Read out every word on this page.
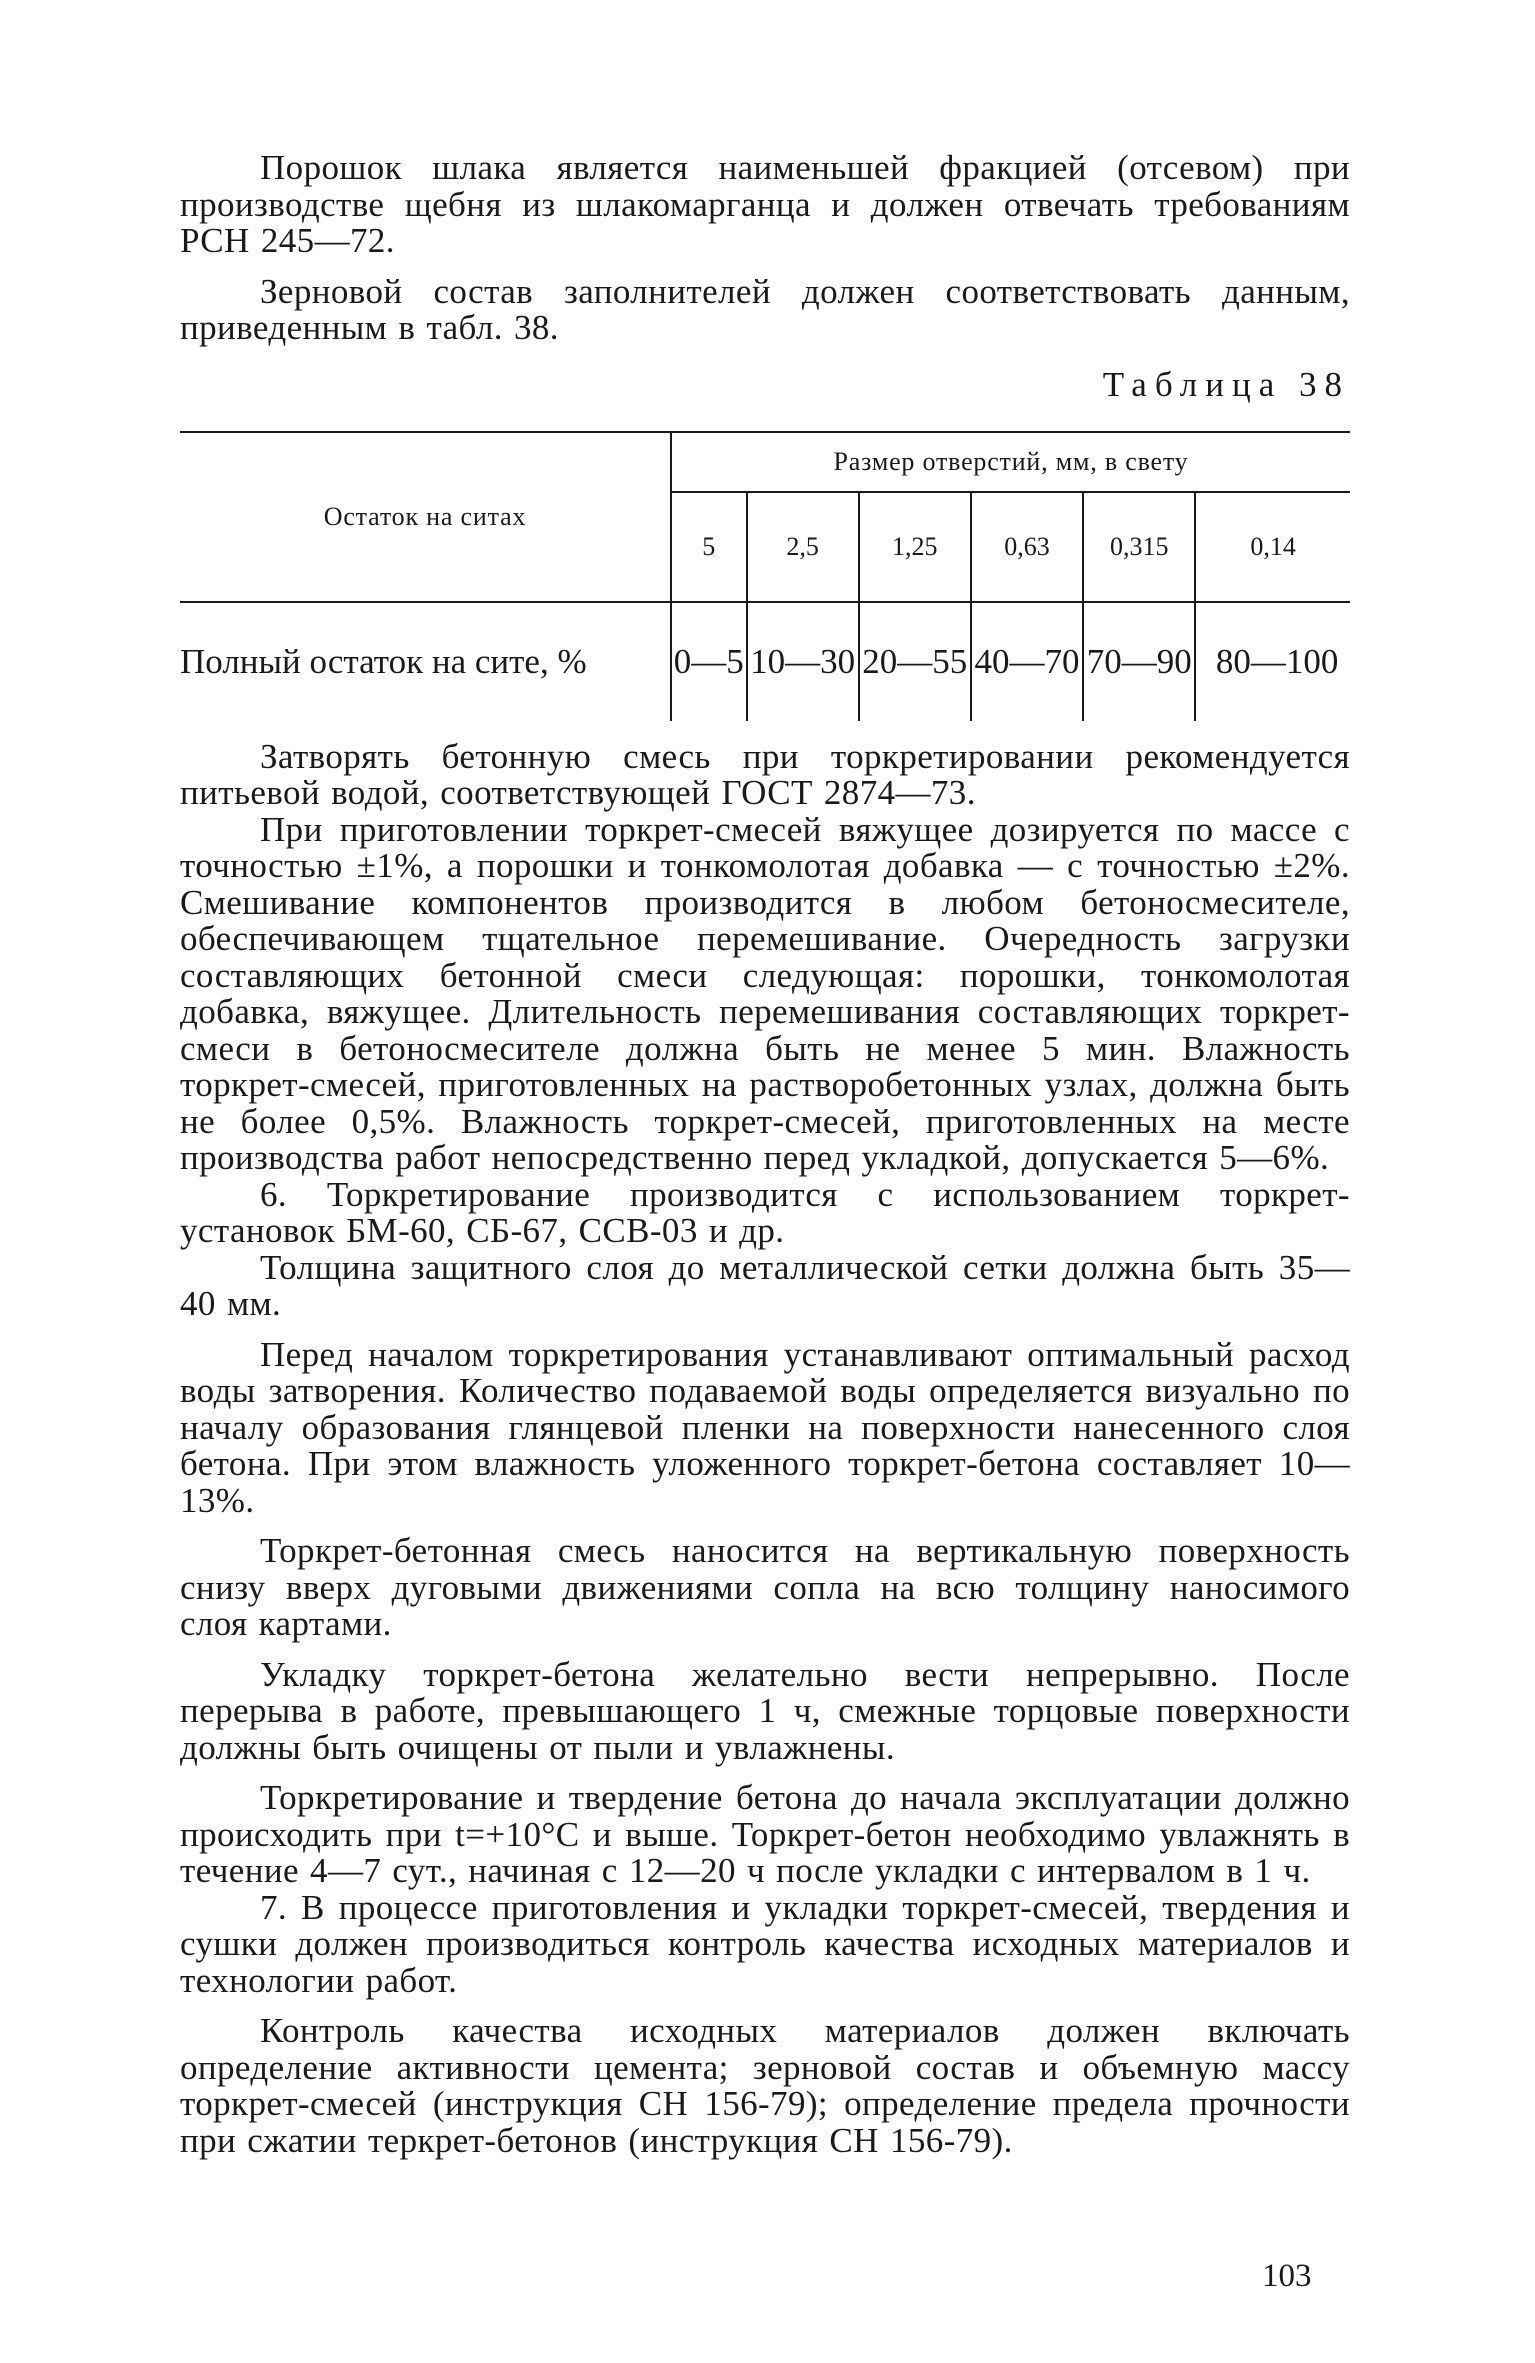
Порошок шлака является наименьшей фракцией (отсевом) при производстве щебня из шлакомарганца и должен отвечать требованиям РСН 245—72.

Зерновой состав заполнителей должен соответствовать данным, приведенным в табл. 38.

Таблица 38
Остаток на ситах	Размер отверстий, мм, в свету					
	5	2,5	1,25	0,63	0,315	0,14
Полный остаток на сите, %	0—5	10—30	20—55	40—70	70—90	80—100

Затворять бетонную смесь при торкретировании рекомендуется питьевой водой, соответствующей ГОСТ 2874—73.

При приготовлении торкрет-смесей вяжущее дозируется по массе с точностью ±1%, а порошки и тонкомолотая добавка — с точностью ±2%. Смешивание компонентов производится в любом бетоносмесителе, обеспечивающем тщательное перемешивание. Очередность загрузки составляющих бетонной смеси следующая: порошки, тонкомолотая добавка, вяжущее. Длительность перемешивания составляющих торкрет-смеси в бетоносмесителе должна быть не менее 5 мин. Влажность торкрет-смесей, приготовленных на растворобетонных узлах, должна быть не более 0,5%. Влажность торкрет-смесей, приготовленных на месте производства работ непосредственно перед укладкой, допускается 5—6%.

6. Торкретирование производится с использованием торкрет-установок БМ-60, СБ-67, ССВ-03 и др.

Толщина защитного слоя до металлической сетки должна быть 35—40 мм.

Перед началом торкретирования устанавливают оптимальный расход воды затворения. Количество подаваемой воды определяется визуально по началу образования глянцевой пленки на поверхности нанесенного слоя бетона. При этом влажность уложенного торкрет-бетона составляет 10—13%.

Торкрет-бетонная смесь наносится на вертикальную поверхность снизу вверх дуговыми движениями сопла на всю толщину наносимого слоя картами.

Укладку торкрет-бетона желательно вести непрерывно. После перерыва в работе, превышающего 1 ч, смежные торцовые поверхности должны быть очищены от пыли и увлажнены.

Торкретирование и твердение бетона до начала эксплуатации должно происходить при t=+10°C и выше. Торкрет-бетон необходимо увлажнять в течение 4—7 сут., начиная с 12—20 ч после укладки с интервалом в 1 ч.

7. В процессе приготовления и укладки торкрет-смесей, твердения и сушки должен производиться контроль качества исходных материалов и технологии работ.

Контроль качества исходных материалов должен включать определение активности цемента; зерновой состав и объемную массу торкрет-смесей (инструкция СН 156-79); определение предела прочности при сжатии теркрет-бетонов (инструкция СН 156-79).

103
